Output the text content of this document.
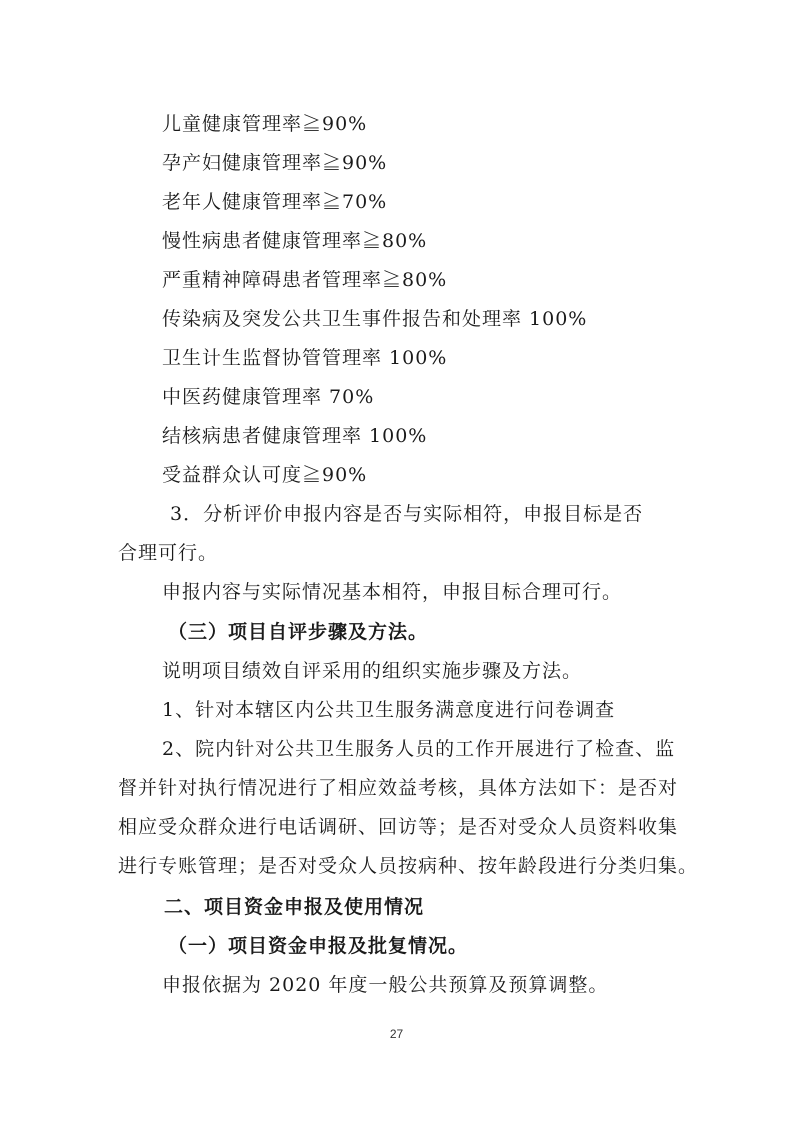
儿童健康管理率≧90%
孕产妇健康管理率≧90%
老年人健康管理率≧70%
慢性病患者健康管理率≧80%
严重精神障碍患者管理率≧80%
传染病及突发公共卫生事件报告和处理率 100%
卫生计生监督协管管理率 100%
中医药健康管理率 70%
结核病患者健康管理率 100%
受益群众认可度≧90%
3．分析评价申报内容是否与实际相符，申报目标是否
合理可行。
申报内容与实际情况基本相符，申报目标合理可行。
（三）项目自评步骤及方法。
说明项目绩效自评采用的组织实施步骤及方法。
1、针对本辖区内公共卫生服务满意度进行问卷调查
2、院内针对公共卫生服务人员的工作开展进行了检查、监
督并针对执行情况进行了相应效益考核，具体方法如下：是否对
相应受众群众进行电话调研、回访等；是否对受众人员资料收集
进行专账管理；是否对受众人员按病种、按年龄段进行分类归集。
二、项目资金申报及使用情况
（一）项目资金申报及批复情况。
申报依据为 2020 年度一般公共预算及预算调整。
27
